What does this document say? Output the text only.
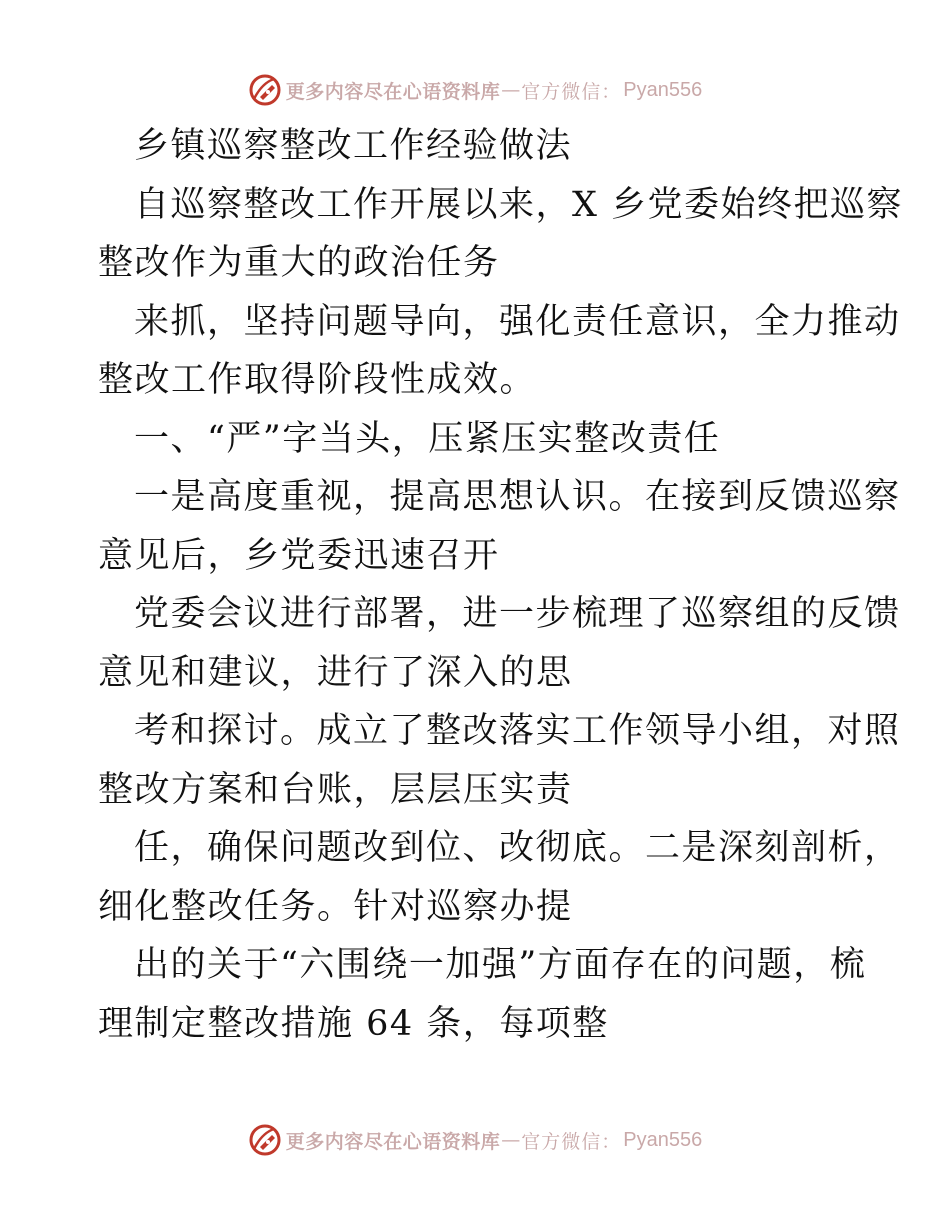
更多内容尽在心语资料库 — 官方微信： Pyan556
乡镇巡察整改工作经验做法
自巡察整改工作开展以来，X 乡党委始终把巡察
整改作为重大的政治任务
来抓，坚持问题导向，强化责任意识，全力推动
整改工作取得阶段性成效。
一、“严”字当头，压紧压实整改责任
一是高度重视，提高思想认识。在接到反馈巡察
意见后，乡党委迅速召开
党委会议进行部署，进一步梳理了巡察组的反馈
意见和建议，进行了深入的思
考和探讨。成立了整改落实工作领导小组，对照
整改方案和台账，层层压实责
任，确保问题改到位、改彻底。二是深刻剖析，
细化整改任务。针对巡察办提
出的关于“六围绕一加强”方面存在的问题，梳
理制定整改措施 64 条，每项整
更多内容尽在心语资料库 — 官方微信： Pyan556
